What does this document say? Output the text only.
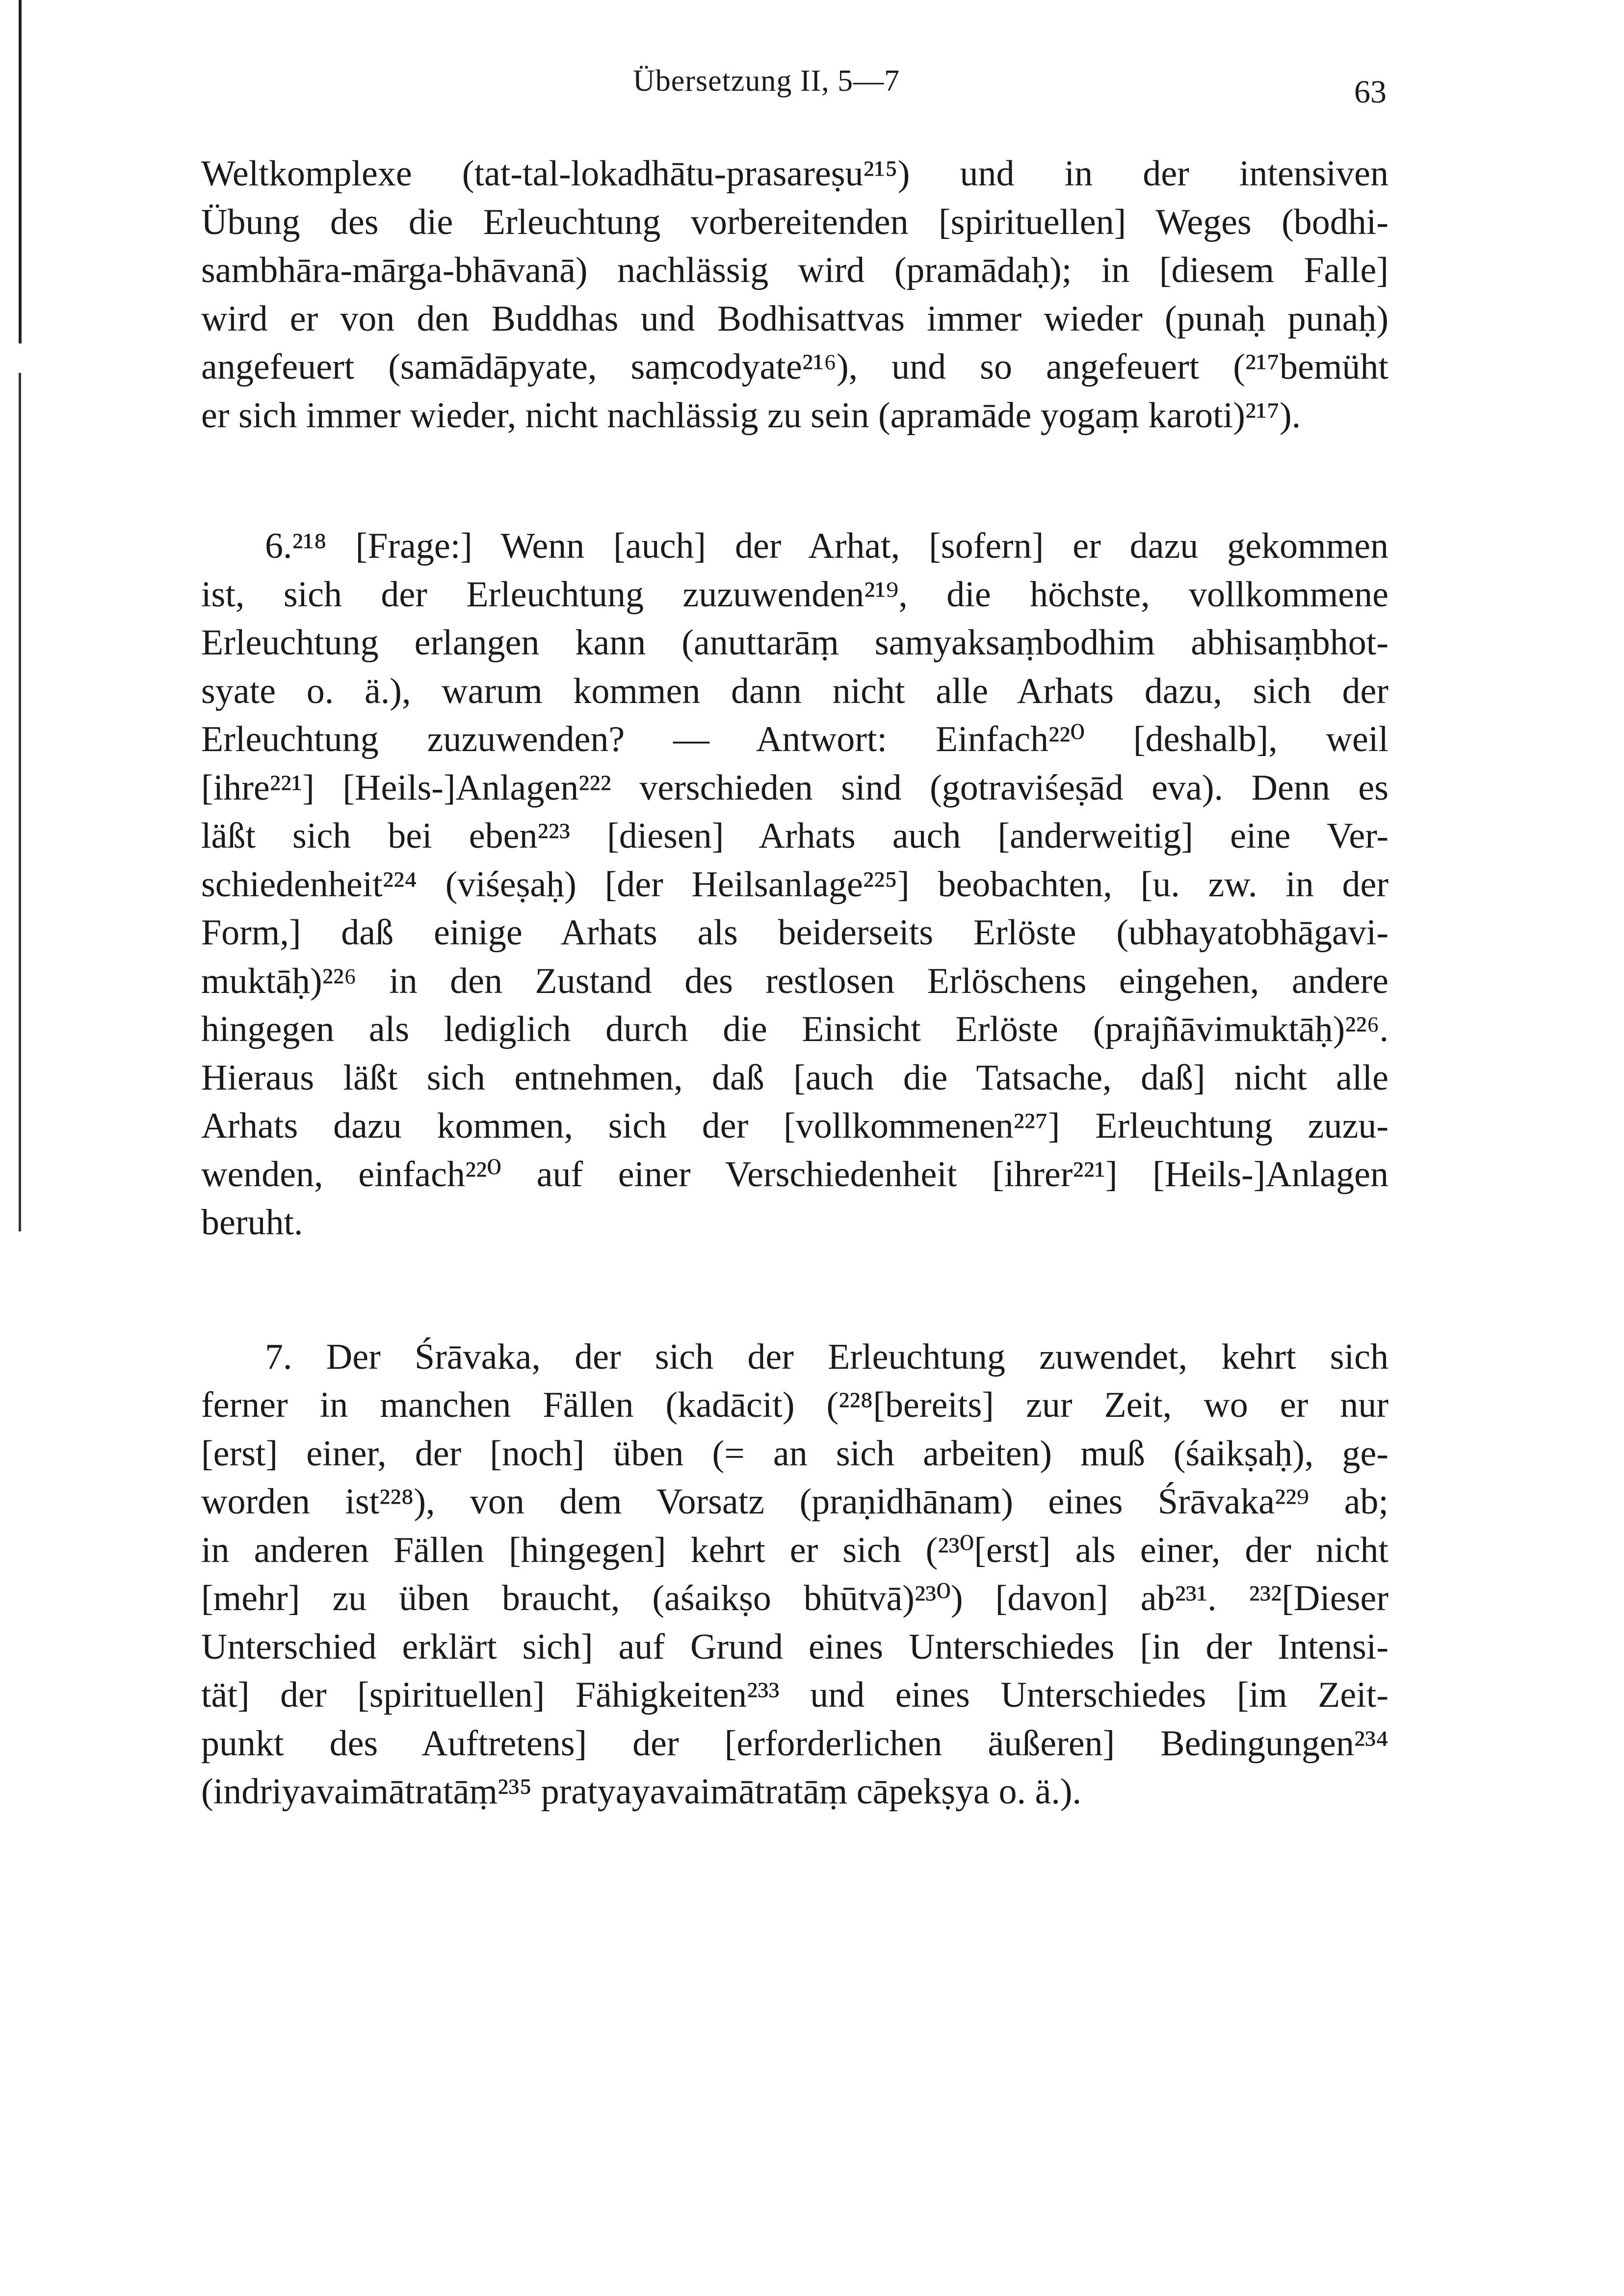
Übersetzung II, 5—7	63
Weltkomplexe (tat-tal-lokadhātu-prasareṣu²¹⁵) und in der intensiven
Übung des die Erleuchtung vorbereitenden [spirituellen] Weges (bodhi-
sambhāra-mārga-bhāvanā) nachlässig wird (pramādaḥ); in [diesem Falle]
wird er von den Buddhas und Bodhisattvas immer wieder (punaḥ punaḥ)
angefeuert (samādāpyate, saṃcodyate²¹⁶), und so angefeuert (²¹⁷bemüht
er sich immer wieder, nicht nachlässig zu sein (apramāde yogaṃ karoti)²¹⁷).
6.²¹⁸ [Frage:] Wenn [auch] der Arhat, [sofern] er dazu gekommen
ist, sich der Erleuchtung zuzuwenden²¹⁹, die höchste, vollkommene
Erleuchtung erlangen kann (anuttarāṃ samyaksaṃbodhim abhisaṃbhot-
syate o. ä.), warum kommen dann nicht alle Arhats dazu, sich der
Erleuchtung zuzuwenden? — Antwort: Einfach²²⁰ [deshalb], weil
[ihre²²¹] [Heils-]Anlagen²²² verschieden sind (gotraviśeṣād eva). Denn es
läßt sich bei eben²²³ [diesen] Arhats auch [anderweitig] eine Ver-
schiedenheit²²⁴ (viśeṣaḥ) [der Heilsanlage²²⁵] beobachten, [u. zw. in der
Form,] daß einige Arhats als beiderseits Erlöste (ubhayatobhāgavi-
muktāḥ)²²⁶ in den Zustand des restlosen Erlöschens eingehen, andere
hingegen als lediglich durch die Einsicht Erlöste (prajñāvimuktāḥ)²²⁶.
Hieraus läßt sich entnehmen, daß [auch die Tatsache, daß] nicht alle
Arhats dazu kommen, sich der [vollkommenen²²⁷] Erleuchtung zuzu-
wenden, einfach²²⁰ auf einer Verschiedenheit [ihrer²²¹] [Heils-]Anlagen
beruht.
7. Der Śrāvaka, der sich der Erleuchtung zuwendet, kehrt sich
ferner in manchen Fällen (kadācit) (²²⁸[bereits] zur Zeit, wo er nur
[erst] einer, der [noch] üben (= an sich arbeiten) muß (śaikṣaḥ), ge-
worden ist²²⁸), von dem Vorsatz (praṇidhānam) eines Śrāvaka²²⁹ ab;
in anderen Fällen [hingegen] kehrt er sich (²³⁰[erst] als einer, der nicht
[mehr] zu üben braucht, (aśaikṣo bhūtvā)²³⁰) [davon] ab²³¹. ²³²[Dieser
Unterschied erklärt sich] auf Grund eines Unterschiedes [in der Intensi-
tät] der [spirituellen] Fähigkeiten²³³ und eines Unterschiedes [im Zeit-
punkt des Auftretens] der [erforderlichen äußeren] Bedingungen²³⁴
(indriyavaimātratāṃ²³⁵ pratyayavaimātratāṃ cāpekṣya o. ä.).
